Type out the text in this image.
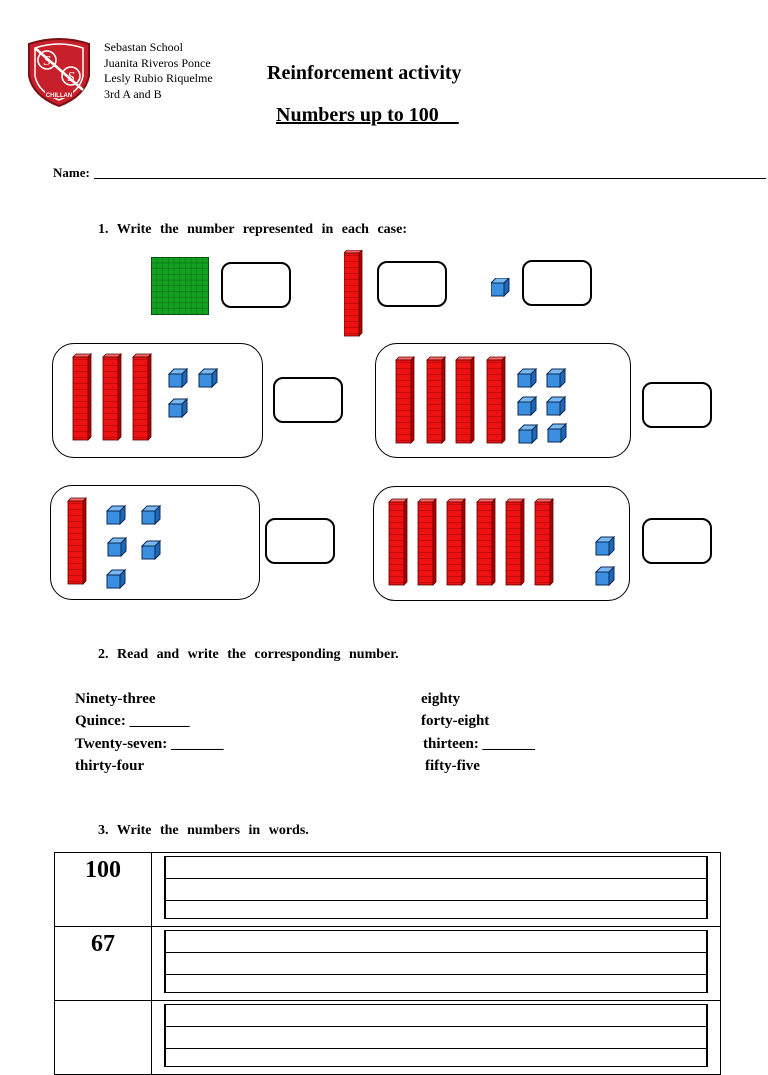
S
S
CHILLAN
Sebastan School
Juanita Riveros Ponce
Lesly Rubio Riquelme
3rd A and B
Reinforcement activity
Numbers up to 100
Name:
1. Write the number represented in each case:
2. Read and write the corresponding number.
Ninety-three
Quince: ________
Twenty-seven: _______
thirty-four
eighty
forty-eight
thirteen: _______
fifty-five
3. Write the numbers in words.
100	

67	
